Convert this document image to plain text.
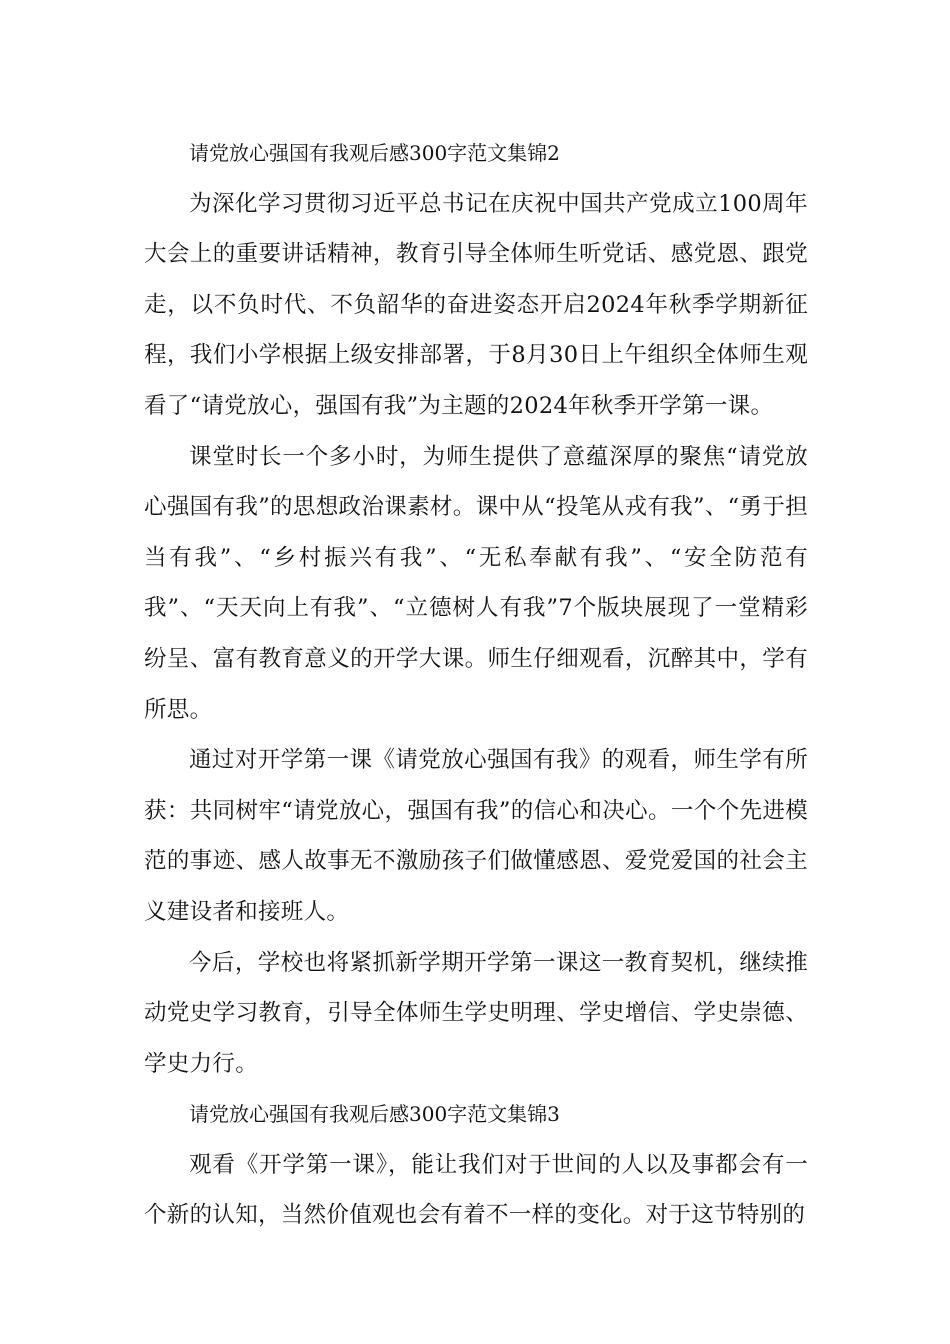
请党放心强国有我观后感300字范文集锦2

为深化学习贯彻习近平总书记在庆祝中国共产党成立100周年大会上的重要讲话精神，教育引导全体师生听党话、感党恩、跟党走，以不负时代、不负韶华的奋进姿态开启2024年秋季学期新征程，我们小学根据上级安排部署，于8月30日上午组织全体师生观看了“请党放心，强国有我”为主题的2024年秋季开学第一课。

课堂时长一个多小时，为师生提供了意蕴深厚的聚焦“请党放心强国有我”的思想政治课素材。课中从“投笔从戎有我”、“勇于担当有我”、“乡村振兴有我”、“无私奉献有我”、“安全防范有我”、“天天向上有我”、“立德树人有我”7个版块展现了一堂精彩纷呈、富有教育意义的开学大课。师生仔细观看，沉醉其中，学有所思。

通过对开学第一课《请党放心强国有我》的观看，师生学有所获：共同树牢“请党放心，强国有我”的信心和决心。一个个先进模范的事迹、感人故事无不激励孩子们做懂感恩、爱党爱国的社会主义建设者和接班人。

今后，学校也将紧抓新学期开学第一课这一教育契机，继续推动党史学习教育，引导全体师生学史明理、学史增信、学史崇德、学史力行。

请党放心强国有我观后感300字范文集锦3

观看《开学第一课》，能让我们对于世间的人以及事都会有一个新的认知，当然价值观也会有着不一样的变化。对于这节特别的
